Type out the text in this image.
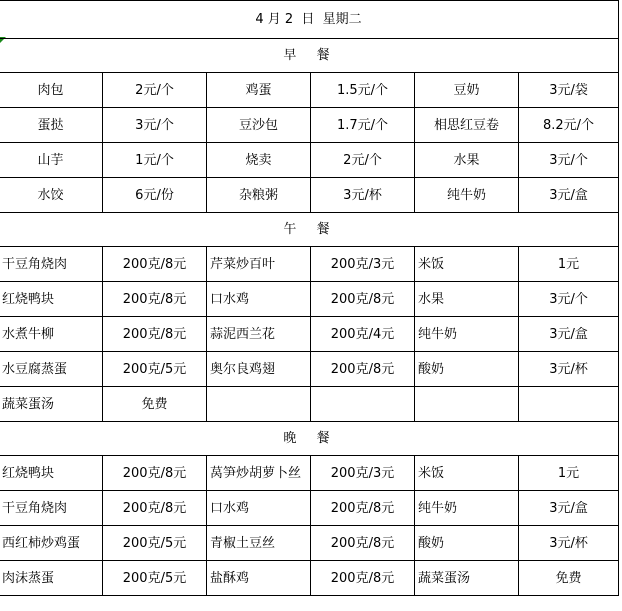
4 月 2  日  星期二					
早  餐					
肉包	2元/个	鸡蛋	1.5元/个	豆奶	3元/袋
蛋挞	3元/个	豆沙包	1.7元/个	相思红豆卷	8.2元/个
山芋	1元/个	烧卖	2元/个	水果	3元/个
水饺	6元/份	杂粮粥	3元/杯	纯牛奶	3元/盒
午  餐					
干豆角烧肉	200克/8元	芹菜炒百叶	200克/3元	米饭	1元
红烧鸭块	200克/8元	口水鸡	200克/8元	水果	3元/个
水煮牛柳	200克/8元	蒜泥西兰花	200克/4元	纯牛奶	3元/盒
水豆腐蒸蛋	200克/5元	奥尔良鸡翅	200克/8元	酸奶	3元/杯
蔬菜蛋汤	免费				
晚  餐					
红烧鸭块	200克/8元	莴笋炒胡萝卜丝	200克/3元	米饭	1元
干豆角烧肉	200克/8元	口水鸡	200克/8元	纯牛奶	3元/盒
西红柿炒鸡蛋	200克/5元	青椒土豆丝	200克/8元	酸奶	3元/杯
肉沫蒸蛋	200克/5元	盐酥鸡	200克/8元	蔬菜蛋汤	免费
